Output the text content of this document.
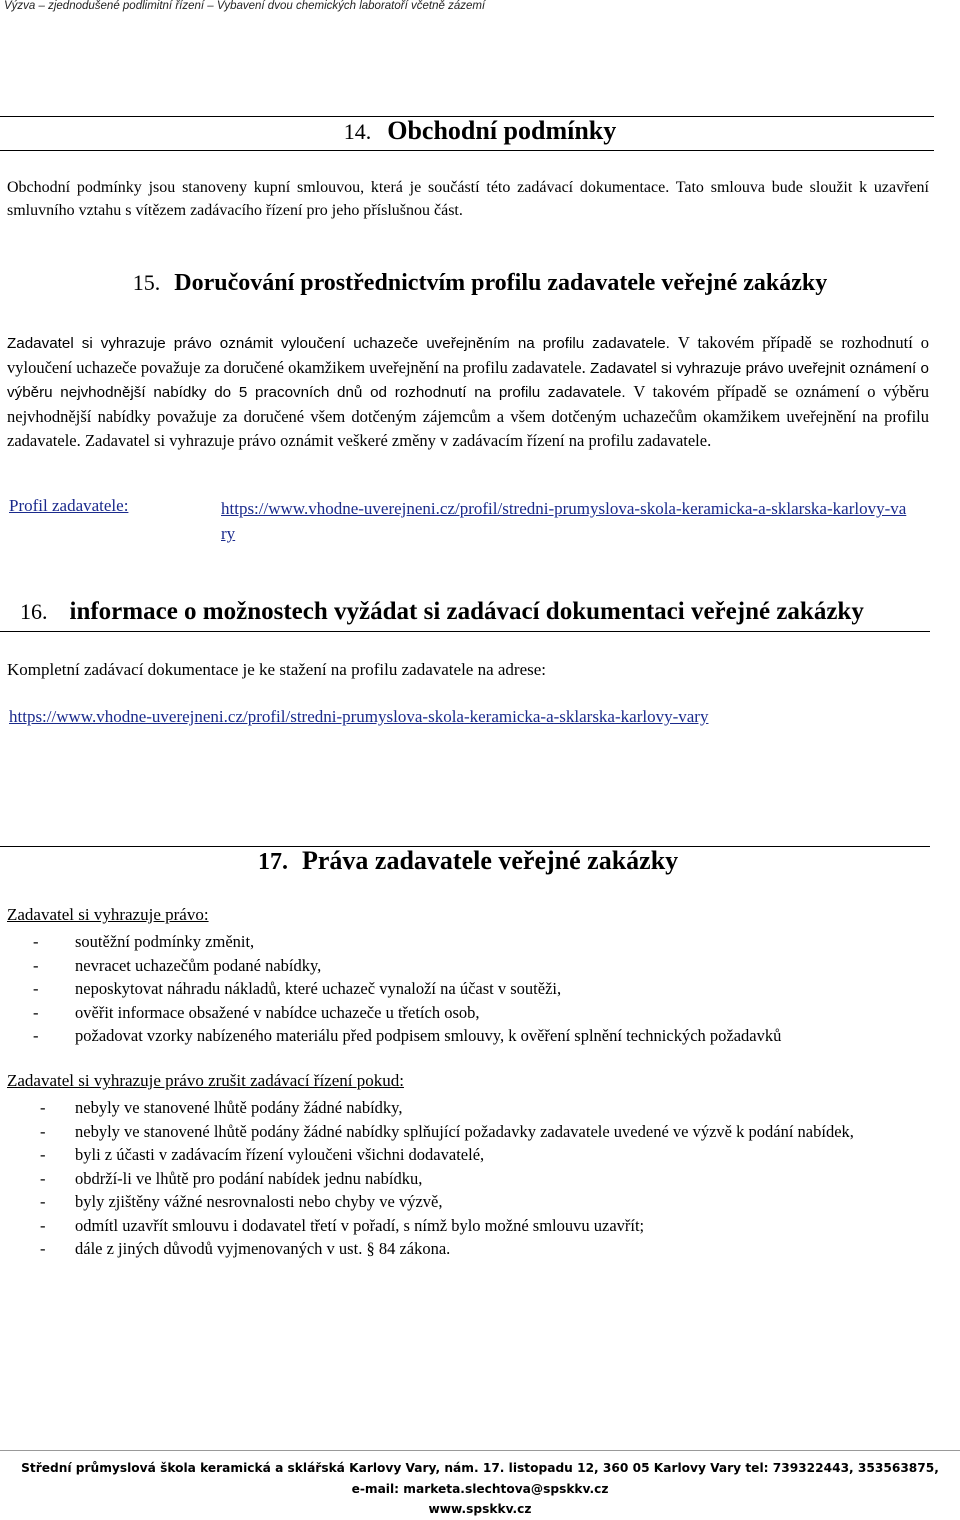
Výzva – zjednodušené podlimitní řízení – Vybavení dvou chemických laboratoří včetně zázemí
14. Obchodní podmínky
Obchodní podmínky jsou stanoveny kupní smlouvou, která je součástí této zadávací dokumentace. Tato smlouva bude sloužit k uzavření smluvního vztahu s vítězem zadávacího řízení pro jeho příslušnou část.
15. Doručování prostřednictvím profilu zadavatele veřejné zakázky
Zadavatel si vyhrazuje právo oznámit vyloučení uchazeče uveřejněním na profilu zadavatele. V takovém případě se rozhodnutí o vyloučení uchazeče považuje za doručené okamžikem uveřejnění na profilu zadavatele. Zadavatel si vyhrazuje právo uveřejnit oznámení o výběru nejvhodnější nabídky do 5 pracovních dnů od rozhodnutí na profilu zadavatele. V takovém případě se oznámení o výběru nejvhodnější nabídky považuje za doručené všem dotčeným zájemcům a všem dotčeným uchazečům okamžikem uveřejnění na profilu zadavatele. Zadavatel si vyhrazuje právo oznámit veškeré změny v zadávacím řízení na profilu zadavatele.
Profil zadavatele:	https://www.vhodne-uverejneni.cz/profil/stredni-prumyslova-skola-keramicka-a-sklarska-karlovy-vary
16. informace o možnostech vyžádat si zadávací dokumentaci veřejné zakázky
Kompletní zadávací dokumentace je ke stažení na profilu zadavatele na adrese:
https://www.vhodne-uverejneni.cz/profil/stredni-prumyslova-skola-keramicka-a-sklarska-karlovy-vary
17. Práva zadavatele veřejné zakázky
Zadavatel si vyhrazuje právo:
- soutěžní podmínky změnit,
- nevracet uchazečům podané nabídky,
- neposkytovat náhradu nákladů, které uchazeč vynaloží na účast v soutěži,
- ověřit informace obsažené v nabídce uchazeče u třetích osob,
- požadovat vzorky nabízeného materiálu před podpisem smlouvy, k ověření splnění technických požadavků
Zadavatel si vyhrazuje právo zrušit zadávací řízení pokud:
- nebyly ve stanovené lhůtě podány žádné nabídky,
- nebyly ve stanovené lhůtě podány žádné nabídky splňující požadavky zadavatele uvedené ve výzvě k podání nabídek,
- byli z účasti v zadávacím řízení vyloučeni všichni dodavatelé,
- obdrží-li ve lhůtě pro podání nabídek jednu nabídku,
- byly zjištěny vážné nesrovnalosti nebo chyby ve výzvě,
- odmítl uzavřít smlouvu i dodavatel třetí v pořadí, s nímž bylo možné smlouvu uzavřít;
- dále z jiných důvodů vyjmenovaných v ust. § 84 zákona.
Střední průmyslová škola keramická a sklářská Karlovy Vary, nám. 17. listopadu 12, 360 05 Karlovy Vary tel: 739322443, 353563875,
e-mail: marketa.slechtova@spskkv.cz
www.spskkv.cz
